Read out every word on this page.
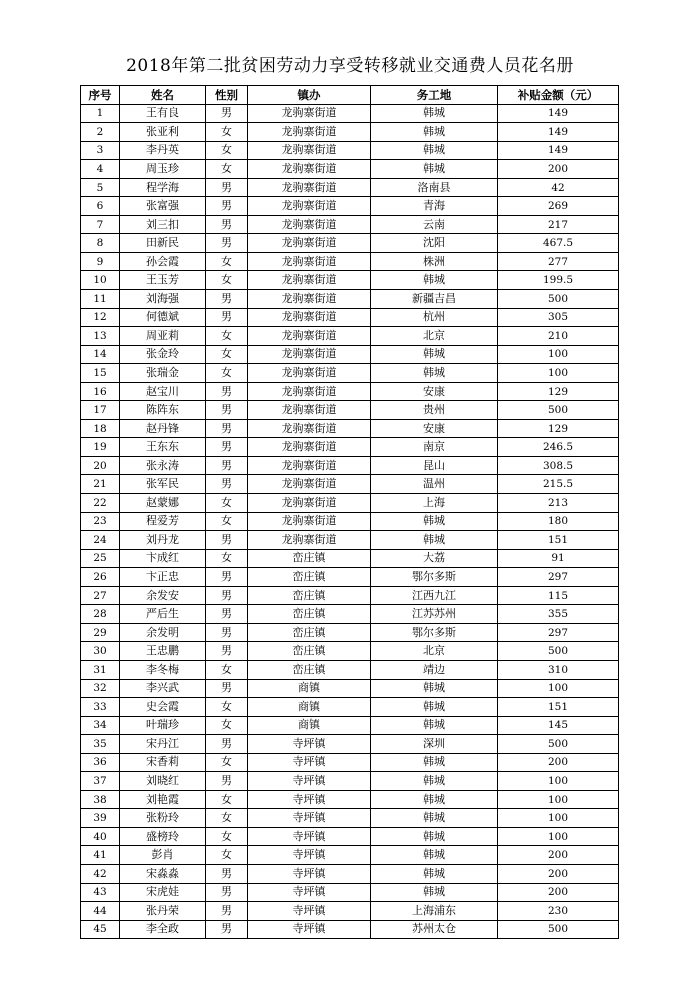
2018年第二批贫困劳动力享受转移就业交通费人员花名册
序号	姓名	性别	镇办	务工地	补贴金额（元）
1	王有良	男	龙驹寨街道	韩城	149
2	张亚利	女	龙驹寨街道	韩城	149
3	李丹英	女	龙驹寨街道	韩城	149
4	周玉珍	女	龙驹寨街道	韩城	200
5	程学海	男	龙驹寨街道	洛南县	42
6	张富强	男	龙驹寨街道	青海	269
7	刘三扣	男	龙驹寨街道	云南	217
8	田新民	男	龙驹寨街道	沈阳	467.5
9	孙会霞	女	龙驹寨街道	株洲	277
10	王玉芳	女	龙驹寨街道	韩城	199.5
11	刘海强	男	龙驹寨街道	新疆吉昌	500
12	何德斌	男	龙驹寨街道	杭州	305
13	周亚莉	女	龙驹寨街道	北京	210
14	张金玲	女	龙驹寨街道	韩城	100
15	张瑞金	女	龙驹寨街道	韩城	100
16	赵宝川	男	龙驹寨街道	安康	129
17	陈阵东	男	龙驹寨街道	贵州	500
18	赵丹锋	男	龙驹寨街道	安康	129
19	王东东	男	龙驹寨街道	南京	246.5
20	张永涛	男	龙驹寨街道	昆山	308.5
21	张军民	男	龙驹寨街道	温州	215.5
22	赵蒙娜	女	龙驹寨街道	上海	213
23	程爱芳	女	龙驹寨街道	韩城	180
24	刘丹龙	男	龙驹寨街道	韩城	151
25	卞成红	女	峦庄镇	大荔	91
26	卞正忠	男	峦庄镇	鄂尔多斯	297
27	余发安	男	峦庄镇	江西九江	115
28	严后生	男	峦庄镇	江苏苏州	355
29	余发明	男	峦庄镇	鄂尔多斯	297
30	王忠鹏	男	峦庄镇	北京	500
31	李冬梅	女	峦庄镇	靖边	310
32	李兴武	男	商镇	韩城	100
33	史会霞	女	商镇	韩城	151
34	叶瑞珍	女	商镇	韩城	145
35	宋丹江	男	寺坪镇	深圳	500
36	宋香莉	女	寺坪镇	韩城	200
37	刘晓红	男	寺坪镇	韩城	100
38	刘艳霞	女	寺坪镇	韩城	100
39	张粉玲	女	寺坪镇	韩城	100
40	盛榜玲	女	寺坪镇	韩城	100
41	彭肖	女	寺坪镇	韩城	200
42	宋淼淼	男	寺坪镇	韩城	200
43	宋虎娃	男	寺坪镇	韩城	200
44	张丹荣	男	寺坪镇	上海浦东	230
45	李全政	男	寺坪镇	苏州太仓	500
